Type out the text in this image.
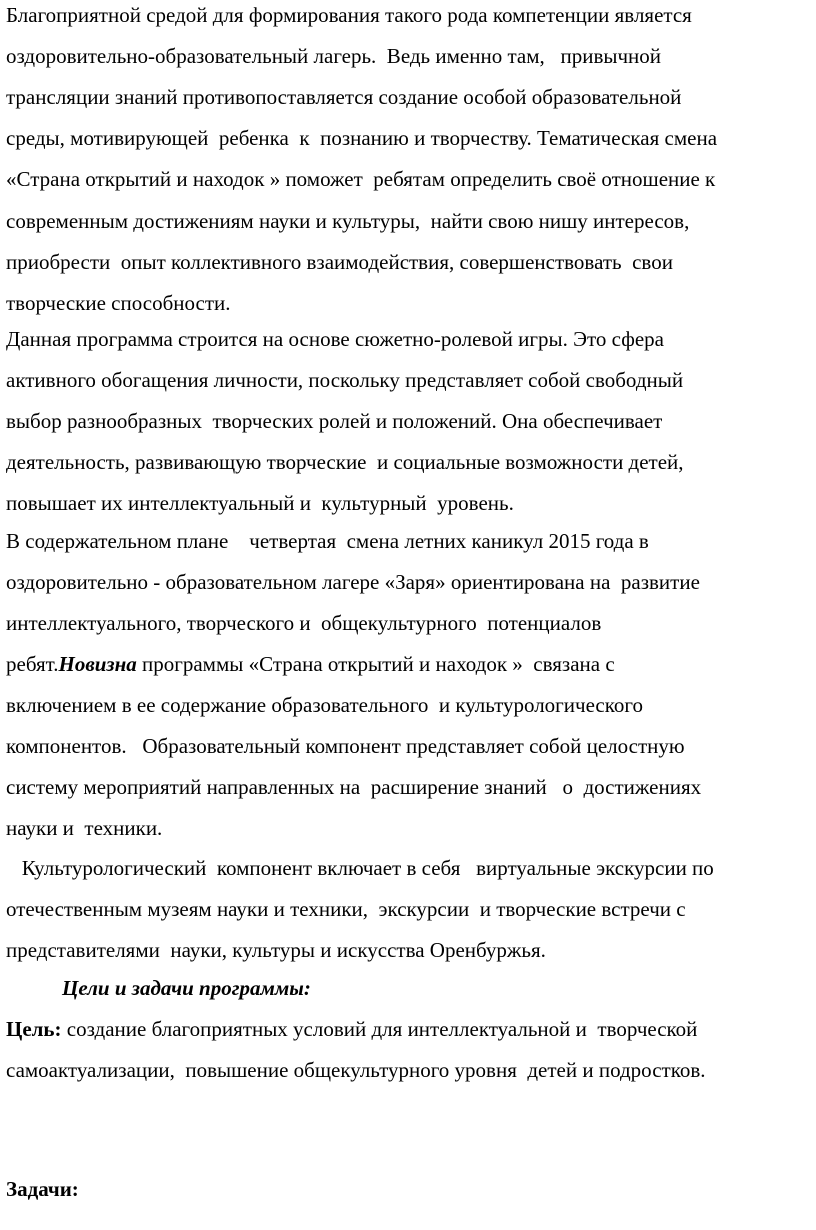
Благоприятной средой для формирования такого рода компетенции является
оздоровительно-образовательный лагерь.  Ведь именно там,   привычной
трансляции знаний противопоставляется создание особой образовательной
среды, мотивирующей  ребенка  к  познанию и творчеству. Тематическая смена
«Страна открытий и находок » поможет  ребятам определить своё отношение к
современным достижениям науки и культуры,  найти свою нишу интересов,
приобрести  опыт коллективного взаимодействия, совершенствовать  свои
творческие способности.
Данная программа строится на основе сюжетно-ролевой игры. Это сфера
активного обогащения личности, поскольку представляет собой свободный
выбор разнообразных  творческих ролей и положений. Она обеспечивает
деятельность, развивающую творческие  и социальные возможности детей,
повышает их интеллектуальный и  культурный  уровень.
В содержательном плане    четвертая  смена летних каникул 2015 года в
оздоровительно - образовательном лагере «Заря» ориентирована на  развитие
интеллектуального, творческого и  общекультурного  потенциалов
ребят.Новизна программы «Страна открытий и находок »  связана с
включением в ее содержание образовательного  и культурологического
компонентов.   Образовательный компонент представляет собой целостную
систему мероприятий направленных на  расширение знаний   о  достижениях
науки и  техники.
Культурологический  компонент включает в себя   виртуальные экскурсии по
отечественным музеям науки и техники,  экскурсии  и творческие встречи с
представителями  науки, культуры и искусства Оренбуржья.
Цели и задачи программы:
Цель: создание благоприятных условий для интеллектуальной и  творческой
самоактуализации,  повышение общекультурного уровня  детей и подростков.
Задачи:
